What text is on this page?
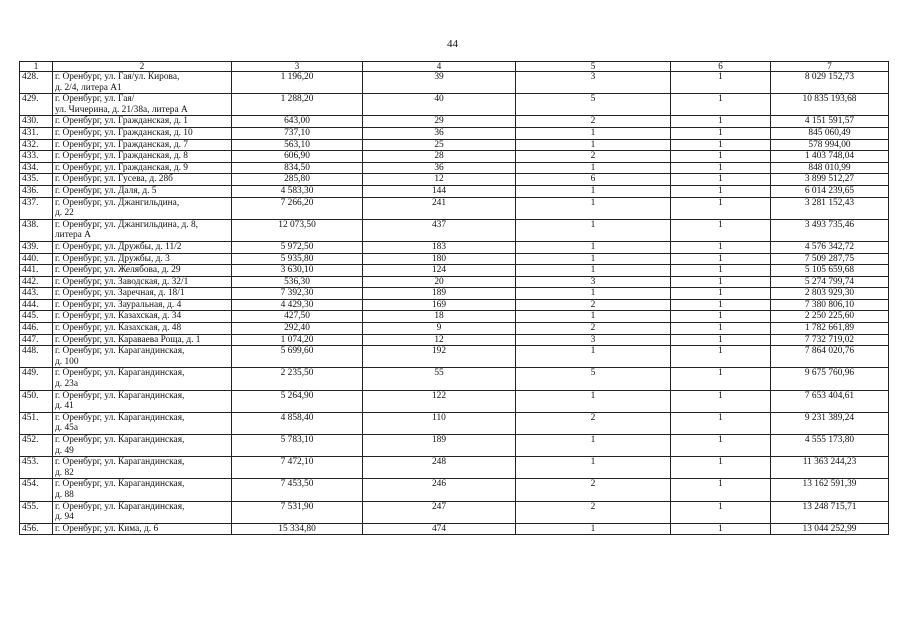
44
1	2	3	4	5	6	7
428.	г. Оренбург, ул. Гая/ул. Кирова,
д. 2/4, литера А1	1 196,20	39	3	1	8 029 152,73
429.	г. Оренбург, ул. Гая/
ул. Чичерина, д. 21/38а, литера А	1 288,20	40	5	1	10 835 193,68
430.	г. Оренбург, ул. Гражданская, д. 1	643,00	29	2	1	4 151 591,57
431.	г. Оренбург, ул. Гражданская, д. 10	737,10	36	1	1	845 060,49
432.	г. Оренбург, ул. Гражданская, д. 7	563,10	25	1	1	578 994,00
433.	г. Оренбург, ул. Гражданская, д. 8	606,90	28	2	1	1 403 748,04
434.	г. Оренбург, ул. Гражданская, д. 9	834,50	36	1	1	848 010,99
435.	г. Оренбург, ул. Гусева, д. 28б	285,80	12	6	1	3 899 512,27
436.	г. Оренбург, ул. Даля, д. 5	4 583,30	144	1	1	6 014 239,65
437.	г. Оренбург, ул. Джангильдина,
д. 22	7 266,20	241	1	1	3 281 152,43
438.	г. Оренбург, ул. Джангильдина, д. 8,
литера А	12 073,50	437	1	1	3 493 735,46
439.	г. Оренбург, ул. Дружбы, д. 11/2	5 972,50	183	1	1	4 576 342,72
440.	г. Оренбург, ул. Дружбы, д. 3	5 935,80	180	1	1	7 509 287,75
441.	г. Оренбург, ул. Желябова, д. 29	3 630,10	124	1	1	5 105 659,68
442.	г. Оренбург, ул. Заводская, д. 32/1	536,30	20	3	1	5 274 799,74
443.	г. Оренбург, ул. Заречная, д. 18/1	7 392,30	189	1	1	2 803 929,30
444.	г. Оренбург, ул. Зауральная, д. 4	4 429,30	169	2	1	7 380 806,10
445.	г. Оренбург, ул. Казахская, д. 34	427,50	18	1	1	2 250 225,60
446.	г. Оренбург, ул. Казахская, д. 48	292,40	9	2	1	1 782 661,89
447.	г. Оренбург, ул. Караваева Роща, д. 1	1 074,20	12	3	1	7 732 719,02
448.	г. Оренбург, ул. Карагандинская,
д. 100	5 699,60	192	1	1	7 864 020,76
449.	г. Оренбург, ул. Карагандинская,
д. 23а	2 235,50	55	5	1	9 675 760,96
450.	г. Оренбург, ул. Карагандинская,
д. 41	5 264,90	122	1	1	7 653 404,61
451.	г. Оренбург, ул. Карагандинская,
д. 45а	4 858,40	110	2	1	9 231 389,24
452.	г. Оренбург, ул. Карагандинская,
д. 49	5 783,10	189	1	1	4 555 173,80
453.	г. Оренбург, ул. Карагандинская,
д. 82	7 472,10	248	1	1	11 363 244,23
454.	г. Оренбург, ул. Карагандинская,
д. 88	7 453,50	246	2	1	13 162 591,39
455.	г. Оренбург, ул. Карагандинская,
д. 94	7 531,90	247	2	1	13 248 715,71
456.	г. Оренбург, ул. Кима, д. 6	15 334,80	474	1	1	13 044 252,99
